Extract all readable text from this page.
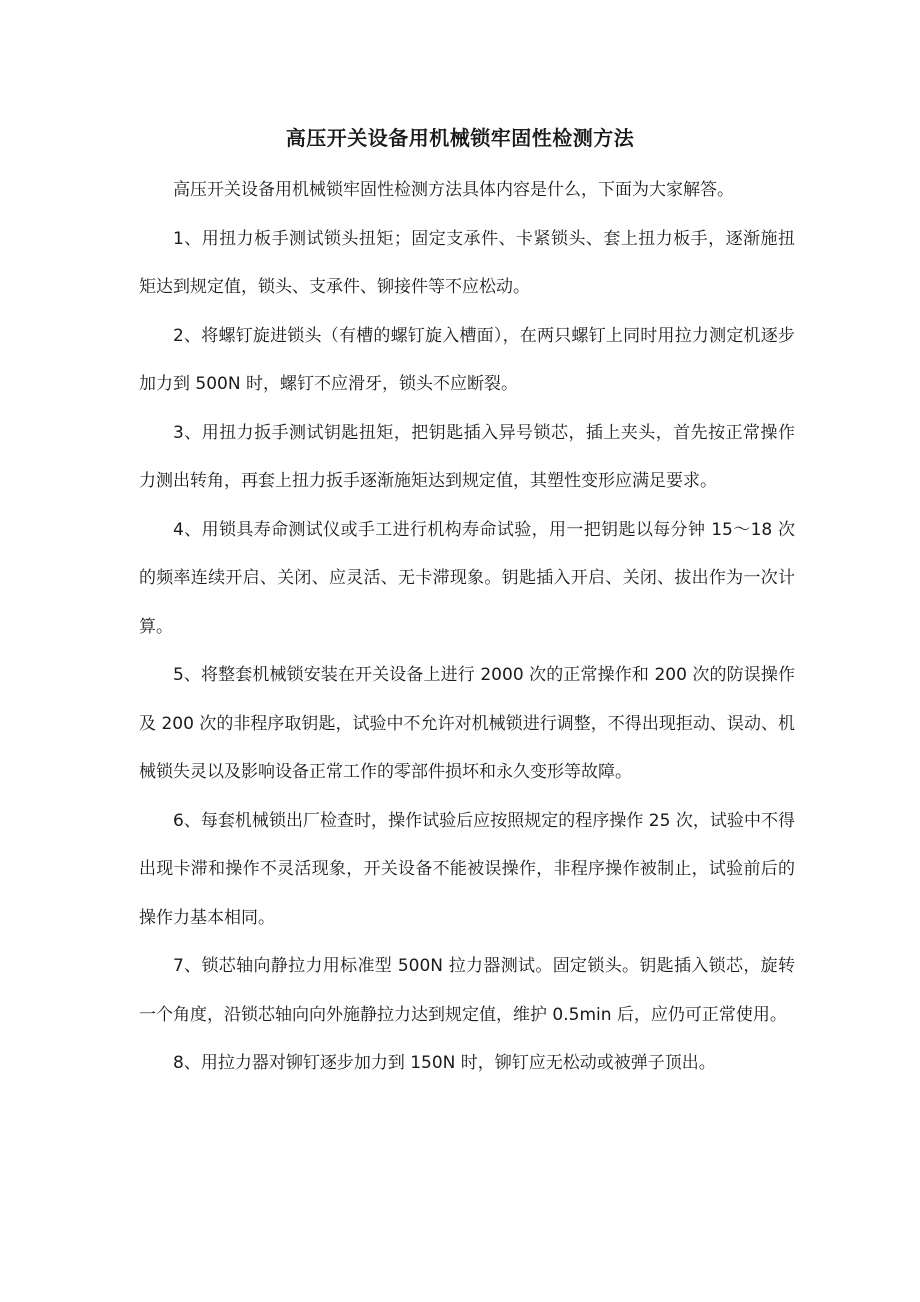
高压开关设备用机械锁牢固性检测方法

高压开关设备用机械锁牢固性检测方法具体内容是什么，下面为大家解答。

1、用扭力板手测试锁头扭矩；固定支承件、卡紧锁头、套上扭力板手，逐渐施扭矩达到规定值，锁头、支承件、铆接件等不应松动。

2、将螺钉旋进锁头（有槽的螺钉旋入槽面），在两只螺钉上同时用拉力测定机逐步加力到 500N 时，螺钉不应滑牙，锁头不应断裂。

3、用扭力扳手测试钥匙扭矩，把钥匙插入异号锁芯，插上夹头，首先按正常操作力测出转角，再套上扭力扳手逐渐施矩达到规定值，其塑性变形应满足要求。

4、用锁具寿命测试仪或手工进行机构寿命试验，用一把钥匙以每分钟 15～18 次的频率连续开启、关闭、应灵活、无卡滞现象。钥匙插入开启、关闭、拔出作为一次计算。

5、将整套机械锁安装在开关设备上进行 2000 次的正常操作和 200 次的防误操作及 200 次的非程序取钥匙，试验中不允许对机械锁进行调整，不得出现拒动、误动、机械锁失灵以及影响设备正常工作的零部件损坏和永久变形等故障。

6、每套机械锁出厂检查时，操作试验后应按照规定的程序操作 25 次，试验中不得出现卡滞和操作不灵活现象，开关设备不能被误操作，非程序操作被制止，试验前后的操作力基本相同。

7、锁芯轴向静拉力用标准型 500N 拉力器测试。固定锁头。钥匙插入锁芯，旋转一个角度，沿锁芯轴向向外施静拉力达到规定值，维护 0.5min 后，应仍可正常使用。

8、用拉力器对铆钉逐步加力到 150N 时，铆钉应无松动或被弹子顶出。
